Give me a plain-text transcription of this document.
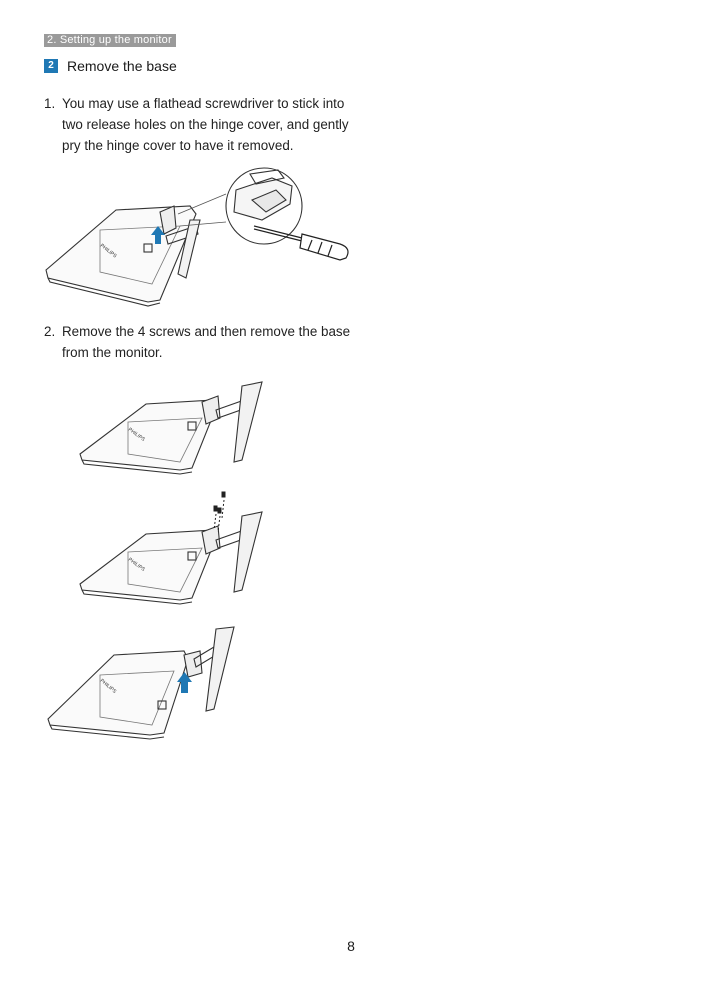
2. Setting up the monitor
2 Remove the base
1. You may use a flathead screwdriver to stick into two release holes on the hinge cover, and gently pry the hinge cover to have it removed.
PHILIPS
2. Remove the 4 screws and then remove the base from the monitor.
PHILIPS
PHILIPS
PHILIPS
8
